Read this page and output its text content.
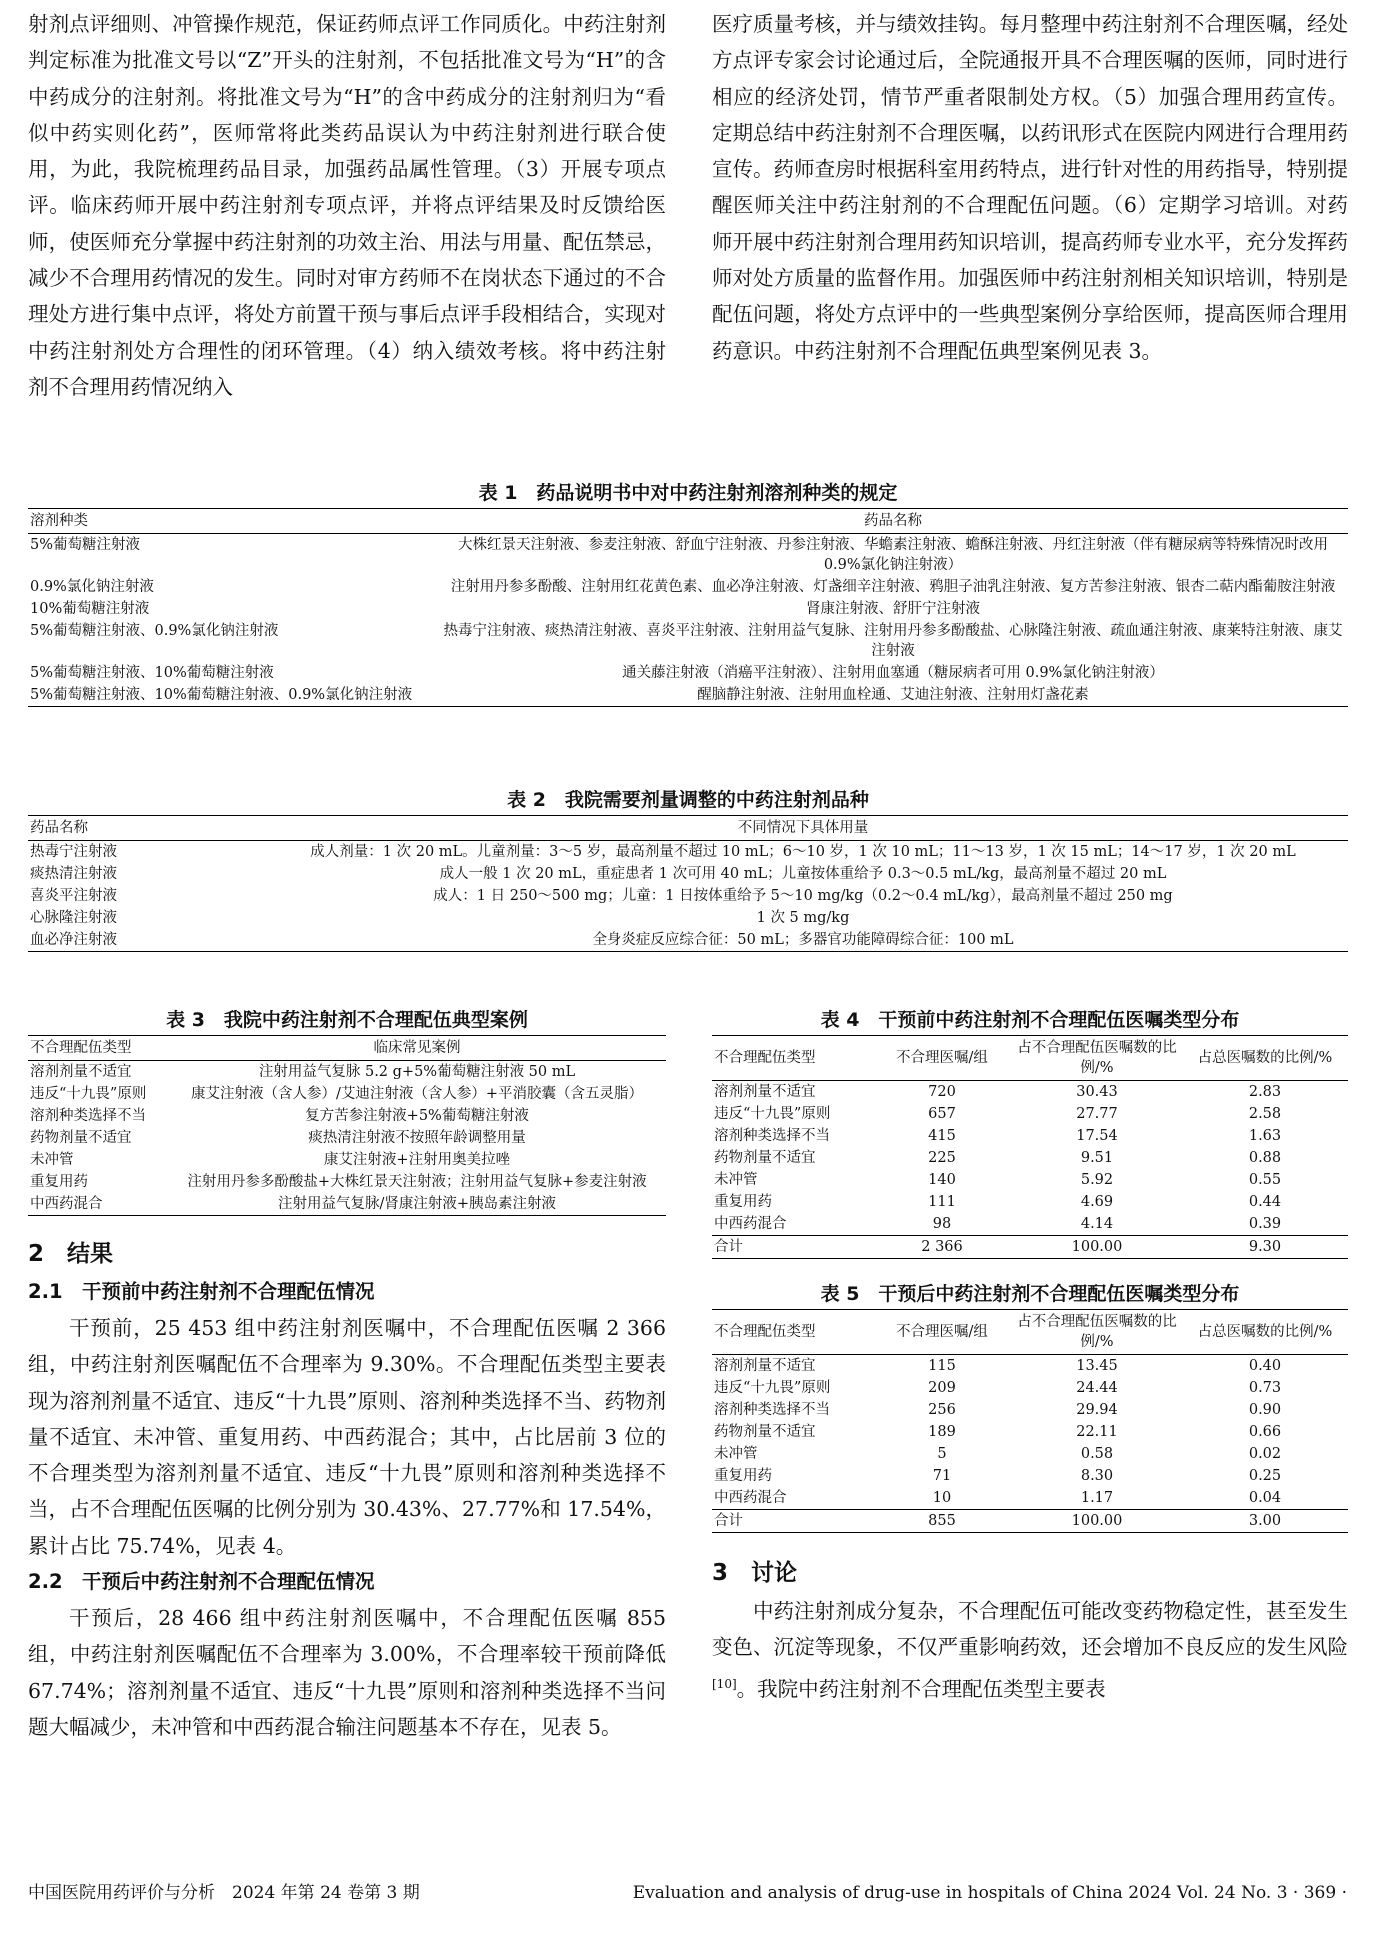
射剂点评细则、冲管操作规范，保证药师点评工作同质化。中药注射剂判定标准为批准文号以“Z”开头的注射剂，不包括批准文号为“H”的含中药成分的注射剂。将批准文号为“H”的含中药成分的注射剂归为“看似中药实则化药”，医师常将此类药品误认为中药注射剂进行联合使用，为此，我院梳理药品目录，加强药品属性管理。（3）开展专项点评。临床药师开展中药注射剂专项点评，并将点评结果及时反馈给医师，使医师充分掌握中药注射剂的功效主治、用法与用量、配伍禁忌，减少不合理用药情况的发生。同时对审方药师不在岗状态下通过的不合理处方进行集中点评，将处方前置干预与事后点评手段相结合，实现对中药注射剂处方合理性的闭环管理。（4）纳入绩效考核。将中药注射剂不合理用药情况纳入

医疗质量考核，并与绩效挂钩。每月整理中药注射剂不合理医嘱，经处方点评专家会讨论通过后，全院通报开具不合理医嘱的医师，同时进行相应的经济处罚，情节严重者限制处方权。（5）加强合理用药宣传。定期总结中药注射剂不合理医嘱，以药讯形式在医院内网进行合理用药宣传。药师查房时根据科室用药特点，进行针对性的用药指导，特别提醒医师关注中药注射剂的不合理配伍问题。（6）定期学习培训。对药师开展中药注射剂合理用药知识培训，提高药师专业水平，充分发挥药师对处方质量的监督作用。加强医师中药注射剂相关知识培训，特别是配伍问题，将处方点评中的一些典型案例分享给医师，提高医师合理用药意识。中药注射剂不合理配伍典型案例见表 3。

表 1　药品说明书中对中药注射剂溶剂种类的规定
溶剂种类	药品名称
5%葡萄糖注射液	大株红景天注射液、参麦注射液、舒血宁注射液、丹参注射液、华蟾素注射液、蟾酥注射液、丹红注射液（伴有糖尿病等特殊情况时改用 0.9%氯化钠注射液）
0.9%氯化钠注射液	注射用丹参多酚酸、注射用红花黄色素、血必净注射液、灯盏细辛注射液、鸦胆子油乳注射液、复方苦参注射液、银杏二萜内酯葡胺注射液
10%葡萄糖注射液	肾康注射液、舒肝宁注射液
5%葡萄糖注射液、0.9%氯化钠注射液	热毒宁注射液、痰热清注射液、喜炎平注射液、注射用益气复脉、注射用丹参多酚酸盐、心脉隆注射液、疏血通注射液、康莱特注射液、康艾注射液
5%葡萄糖注射液、10%葡萄糖注射液	通关藤注射液（消癌平注射液）、注射用血塞通（糖尿病者可用 0.9%氯化钠注射液）
5%葡萄糖注射液、10%葡萄糖注射液、0.9%氯化钠注射液	醒脑静注射液、注射用血栓通、艾迪注射液、注射用灯盏花素
表 2　我院需要剂量调整的中药注射剂品种
药品名称	不同情况下具体用量
热毒宁注射液	成人剂量：1 次 20 mL。儿童剂量：3～5 岁，最高剂量不超过 10 mL；6～10 岁，1 次 10 mL；11～13 岁，1 次 15 mL；14～17 岁，1 次 20 mL
痰热清注射液	成人一般 1 次 20 mL，重症患者 1 次可用 40 mL；儿童按体重给予 0.3～0.5 mL/kg，最高剂量不超过 20 mL
喜炎平注射液	成人：1 日 250～500 mg；儿童：1 日按体重给予 5～10 mg/kg（0.2～0.4 mL/kg），最高剂量不超过 250 mg
心脉隆注射液	1 次 5 mg/kg
血必净注射液	全身炎症反应综合征：50 mL；多器官功能障碍综合征：100 mL
表 3　我院中药注射剂不合理配伍典型案例
不合理配伍类型	临床常见案例
溶剂剂量不适宜	注射用益气复脉 5.2 g+5%葡萄糖注射液 50 mL
违反“十九畏”原则	康艾注射液（含人参）/艾迪注射液（含人参）+平消胶囊（含五灵脂）
溶剂种类选择不当	复方苦参注射液+5%葡萄糖注射液
药物剂量不适宜	痰热清注射液不按照年龄调整用量
未冲管	康艾注射液+注射用奥美拉唑
重复用药	注射用丹参多酚酸盐+大株红景天注射液；注射用益气复脉+参麦注射液
中西药混合	注射用益气复脉/肾康注射液+胰岛素注射液
2　结果
2.1　干预前中药注射剂不合理配伍情况

干预前，25 453 组中药注射剂医嘱中，不合理配伍医嘱 2 366 组，中药注射剂医嘱配伍不合理率为 9.30%。不合理配伍类型主要表现为溶剂剂量不适宜、违反“十九畏”原则、溶剂种类选择不当、药物剂量不适宜、未冲管、重复用药、中西药混合；其中，占比居前 3 位的不合理类型为溶剂剂量不适宜、违反“十九畏”原则和溶剂种类选择不当，占不合理配伍医嘱的比例分别为 30.43%、27.77%和 17.54%，累计占比 75.74%，见表 4。

2.2　干预后中药注射剂不合理配伍情况

干预后，28 466 组中药注射剂医嘱中，不合理配伍医嘱 855 组，中药注射剂医嘱配伍不合理率为 3.00%，不合理率较干预前降低 67.74%；溶剂剂量不适宜、违反“十九畏”原则和溶剂种类选择不当问题大幅减少，未冲管和中西药混合输注问题基本不存在，见表 5。

表 4　干预前中药注射剂不合理配伍医嘱类型分布
不合理配伍类型	不合理医嘱/组	占不合理配伍医嘱数的比例/%	占总医嘱数的比例/%
溶剂剂量不适宜	720	30.43	2.83
违反“十九畏”原则	657	27.77	2.58
溶剂种类选择不当	415	17.54	1.63
药物剂量不适宜	225	9.51	0.88
未冲管	140	5.92	0.55
重复用药	111	4.69	0.44
中西药混合	98	4.14	0.39
合计	2 366	100.00	9.30
表 5　干预后中药注射剂不合理配伍医嘱类型分布
不合理配伍类型	不合理医嘱/组	占不合理配伍医嘱数的比例/%	占总医嘱数的比例/%
溶剂剂量不适宜	115	13.45	0.40
违反“十九畏”原则	209	24.44	0.73
溶剂种类选择不当	256	29.94	0.90
药物剂量不适宜	189	22.11	0.66
未冲管	5	0.58	0.02
重复用药	71	8.30	0.25
中西药混合	10	1.17	0.04
合计	855	100.00	3.00
3　讨论

中药注射剂成分复杂，不合理配伍可能改变药物稳定性，甚至发生变色、沉淀等现象，不仅严重影响药效，还会增加不良反应的发生风险[10]。我院中药注射剂不合理配伍类型主要表

中国医院用药评价与分析　2024 年第 24 卷第 3 期	Evaluation and analysis of drug-use in hospitals of China 2024 Vol. 24 No. 3 · 369 ·
